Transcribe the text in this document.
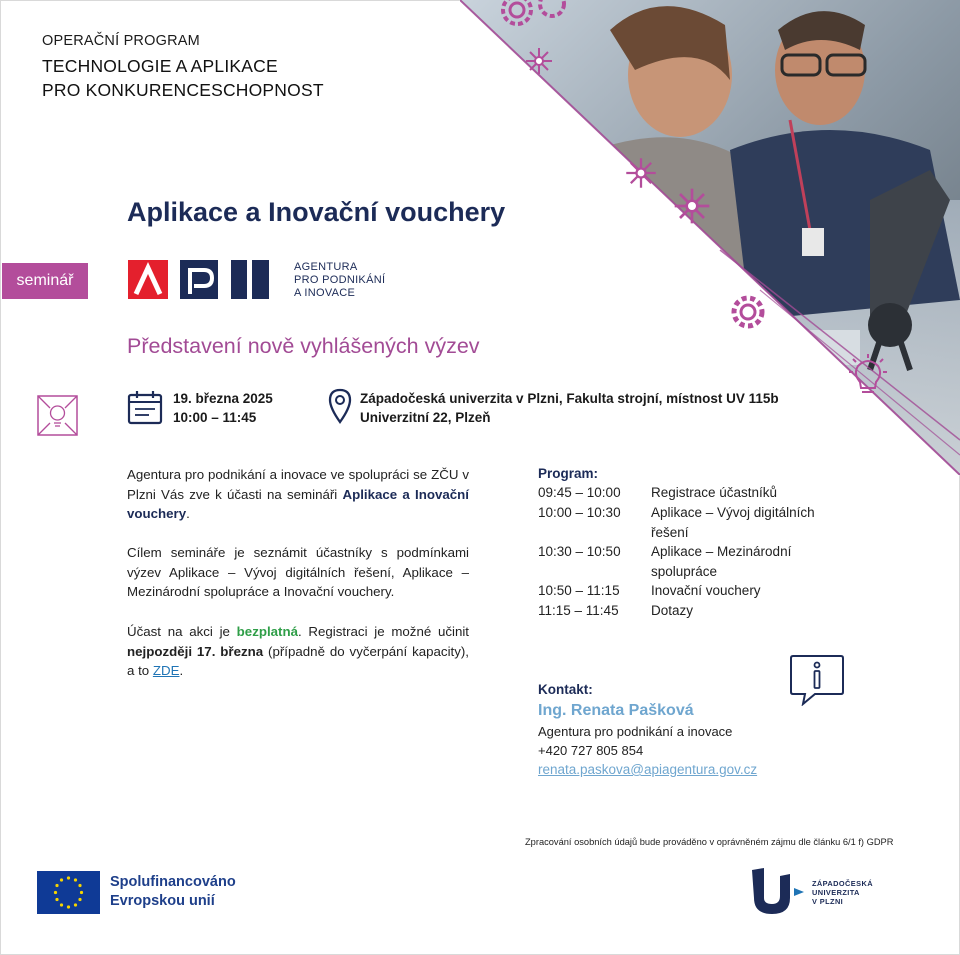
OPERAČNÍ PROGRAM
TECHNOLOGIE A APLIKACE
PRO KONKURENCESCHOPNOST
Aplikace a Inovační vouchery
seminář
AGENTURA
PRO PODNIKÁNÍ
A INOVACE
Představení nově vyhlášených výzev
19. března 2025
10:00 – 11:45
Západočeská univerzita v Plzni, Fakulta strojní, místnost UV 115b
Univerzitní 22, Plzeň
Agentura pro podnikání a inovace ve spolupráci se ZČU v Plzni Vás zve k účasti na semináři Aplikace a Inovační vouchery.
Cílem semináře je seznámit účastníky s podmínkami výzev Aplikace – Vývoj digitálních řešení, Aplikace – Mezinárodní spolupráce a Inovační vouchery.
Účast na akci je bezplatná. Registraci je možné učinit nejpozději 17. března (případně do vyčerpání kapacity), a to ZDE.
Program:
09:45 – 10:00 Registrace účastníků
10:00 – 10:30 Aplikace – Vývoj digitálních řešení
10:30 – 10:50 Aplikace – Mezinárodní spolupráce
10:50 – 11:15 Inovační vouchery
11:15 – 11:45 Dotazy
Kontakt:
Ing. Renata Pašková
Agentura pro podnikání a inovace
+420 727 805 854
renata.paskova@apiagentura.gov.cz
Zpracování osobních údajů bude prováděno v oprávněném zájmu dle článku 6/1 f) GDPR
Spolufinancováno
Evropskou unií
ZÁPADOČESKÁ
UNIVERZITA
V PLZNI
